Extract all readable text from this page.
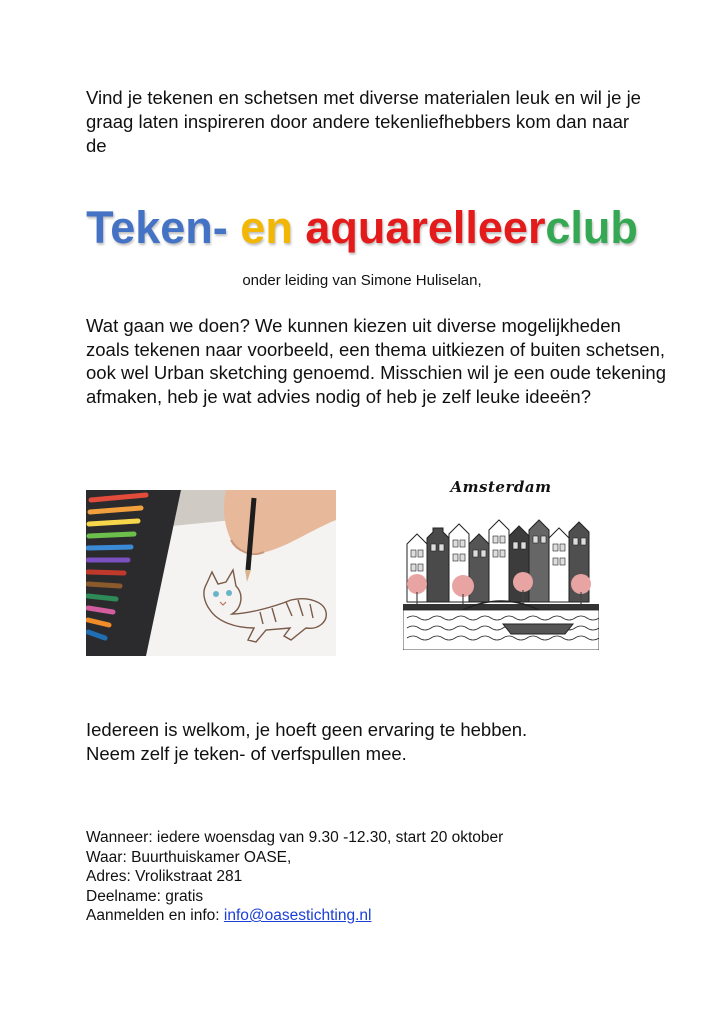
Vind je tekenen en schetsen met diverse materialen leuk en wil je je graag laten inspireren door andere tekenliefhebbers kom dan naar de
Teken- en aquarelleer club
onder leiding van Simone Huliselan,
Wat gaan we doen? We kunnen kiezen uit diverse mogelijkheden zoals tekenen naar voorbeeld, een thema uitkiezen of buiten schetsen, ook wel Urban sketching genoemd. Misschien wil je een oude tekening afmaken, heb je wat advies nodig of heb je zelf leuke ideeën?
Amsterdam
Iedereen is welkom, je hoeft geen ervaring te hebben.
Neem zelf je teken- of verfspullen mee.
Wanneer: iedere woensdag van 9.30 -12.30, start 20 oktober
Waar: Buurthuiskamer OASE,
Adres: Vrolikstraat 281
Deelname: gratis
Aanmelden en info: info@oasestichting.nl
